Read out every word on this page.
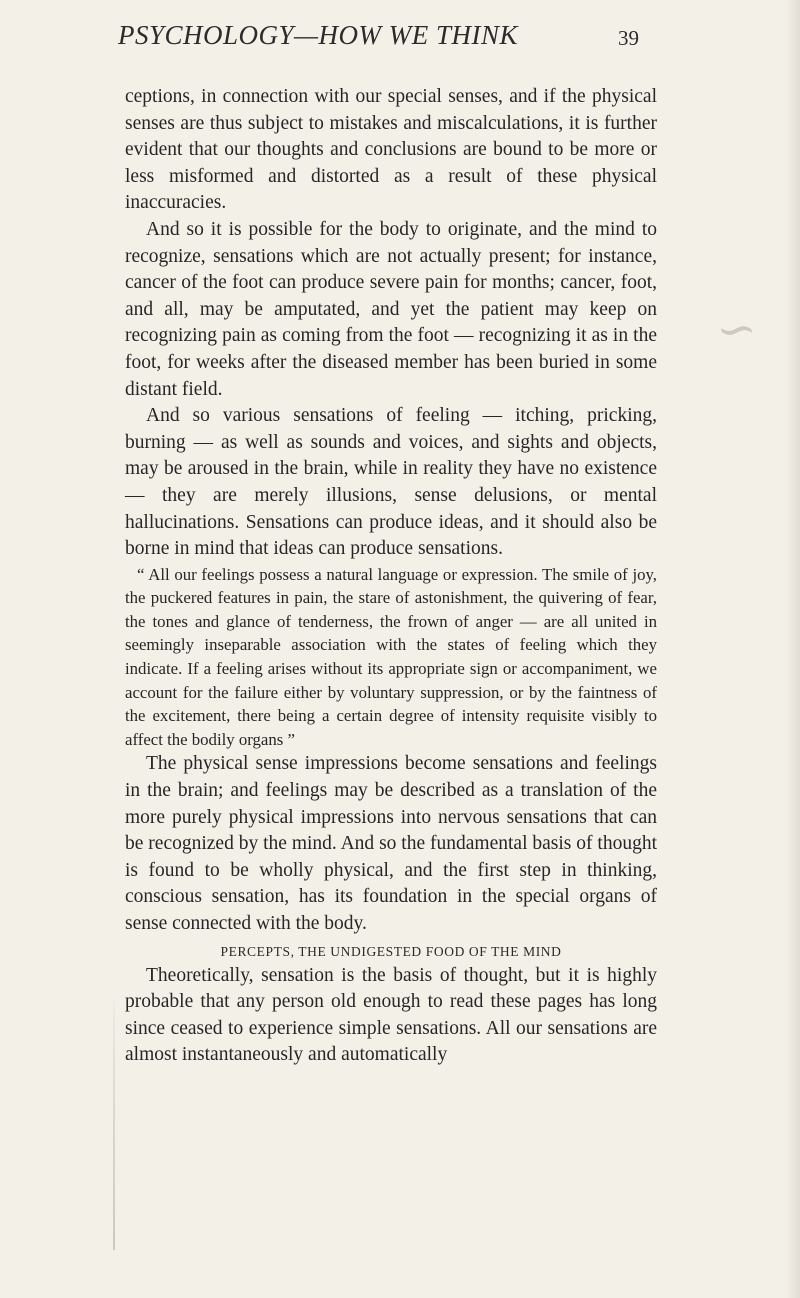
PSYCHOLOGY—HOW WE THINK	39
∽

ceptions, in connection with our special senses, and if the physical senses are thus subject to mistakes and miscalculations, it is further evident that our thoughts and conclusions are bound to be more or less misformed and distorted as a result of these physical inaccuracies.

And so it is possible for the body to originate, and the mind to recognize, sensations which are not actually present; for instance, cancer of the foot can produce severe pain for months; cancer, foot, and all, may be amputated, and yet the patient may keep on recognizing pain as coming from the foot — recognizing it as in the foot, for weeks after the diseased member has been buried in some distant field.

And so various sensations of feeling — itching, pricking, burning — as well as sounds and voices, and sights and objects, may be aroused in the brain, while in reality they have no existence — they are merely illusions, sense delusions, or mental hallucinations. Sensations can produce ideas, and it should also be borne in mind that ideas can produce sensations.

“ All our feelings possess a natural language or expression. The smile of joy, the puckered features in pain, the stare of astonishment, the quivering of fear, the tones and glance of tenderness, the frown of anger — are all united in seemingly inseparable association with the states of feeling which they indicate. If a feeling arises without its appropriate sign or accompaniment, we account for the failure either by voluntary suppression, or by the faintness of the excitement, there being a certain degree of intensity requisite visibly to affect the bodily organs ”

The physical sense impressions become sensations and feelings in the brain; and feelings may be described as a translation of the more purely physical impressions into nervous sensations that can be recognized by the mind. And so the fundamental basis of thought is found to be wholly physical, and the first step in thinking, conscious sensation, has its foundation in the special organs of sense connected with the body.

PERCEPTS, THE UNDIGESTED FOOD OF THE MIND

Theoretically, sensation is the basis of thought, but it is highly probable that any person old enough to read these pages has long since ceased to experience simple sensations. All our sensations are almost instantaneously and automatically
